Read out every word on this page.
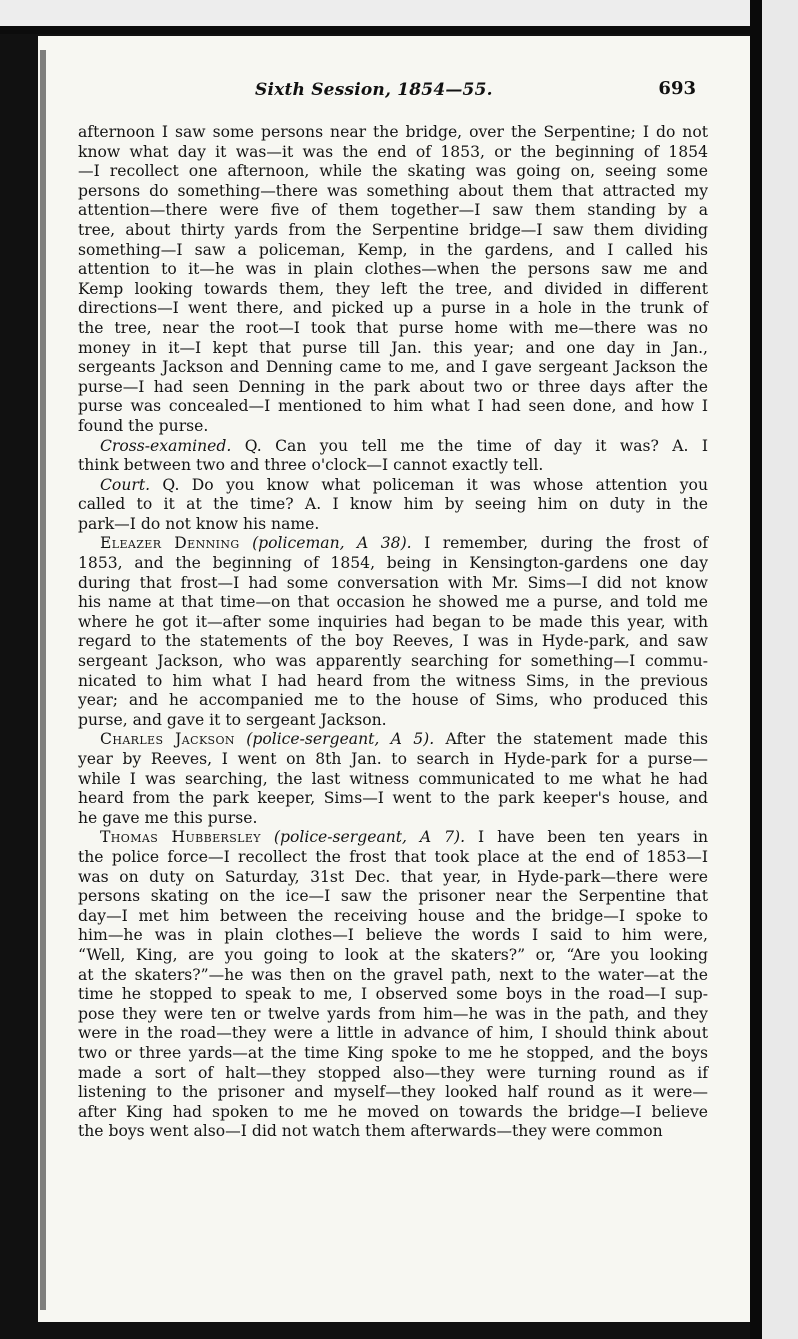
Sixth Session, 1854—55.	693

afternoon I saw some persons near the bridge, over the Serpentine; I do not
know what day it was—it was the end of 1853, or the beginning of 1854
—I recollect one afternoon, while the skating was going on, seeing some
persons do something—there was something about them that attracted my
attention—there were five of them together—I saw them standing by a
tree, about thirty yards from the Serpentine bridge—I saw them dividing
something—I saw a policeman, Kemp, in the gardens, and I called his
attention to it—he was in plain clothes—when the persons saw me and
Kemp looking towards them, they left the tree, and divided in different
directions—I went there, and picked up a purse in a hole in the trunk of
the tree, near the root—I took that purse home with me—there was no
money in it—I kept that purse till Jan. this year; and one day in Jan.,
sergeants Jackson and Denning came to me, and I gave sergeant Jackson the
purse—I had seen Denning in the park about two or three days after the
purse was concealed—I mentioned to him what I had seen done, and how I
found the purse.

Cross-examined. Q. Can you tell me the time of day it was? A. I
think between two and three o'clock—I cannot exactly tell.

Court. Q. Do you know what policeman it was whose attention you
called to it at the time? A. I know him by seeing him on duty in the
park—I do not know his name.

Eleazer Denning (policeman, A 38). I remember, during the frost of
1853, and the beginning of 1854, being in Kensington-gardens one day
during that frost—I had some conversation with Mr. Sims—I did not know
his name at that time—on that occasion he showed me a purse, and told me
where he got it—after some inquiries had began to be made this year, with
regard to the statements of the boy Reeves, I was in Hyde-park, and saw
sergeant Jackson, who was apparently searching for something—I commu-
nicated to him what I had heard from the witness Sims, in the previous
year; and he accompanied me to the house of Sims, who produced this
purse, and gave it to sergeant Jackson.

Charles Jackson (police-sergeant, A 5). After the statement made this
year by Reeves, I went on 8th Jan. to search in Hyde-park for a purse—
while I was searching, the last witness communicated to me what he had
heard from the park keeper, Sims—I went to the park keeper's house, and
he gave me this purse.

Thomas Hubbersley (police-sergeant, A 7). I have been ten years in
the police force—I recollect the frost that took place at the end of 1853—I
was on duty on Saturday, 31st Dec. that year, in Hyde-park—there were
persons skating on the ice—I saw the prisoner near the Serpentine that
day—I met him between the receiving house and the bridge—I spoke to
him—he was in plain clothes—I believe the words I said to him were,
“Well, King, are you going to look at the skaters?” or, “Are you looking
at the skaters?”—he was then on the gravel path, next to the water—at the
time he stopped to speak to me, I observed some boys in the road—I sup-
pose they were ten or twelve yards from him—he was in the path, and they
were in the road—they were a little in advance of him, I should think about
two or three yards—at the time King spoke to me he stopped, and the boys
made a sort of halt—they stopped also—they were turning round as if
listening to the prisoner and myself—they looked half round as it were—
after King had spoken to me he moved on towards the bridge—I believe
the boys went also—I did not watch them afterwards—they were common
